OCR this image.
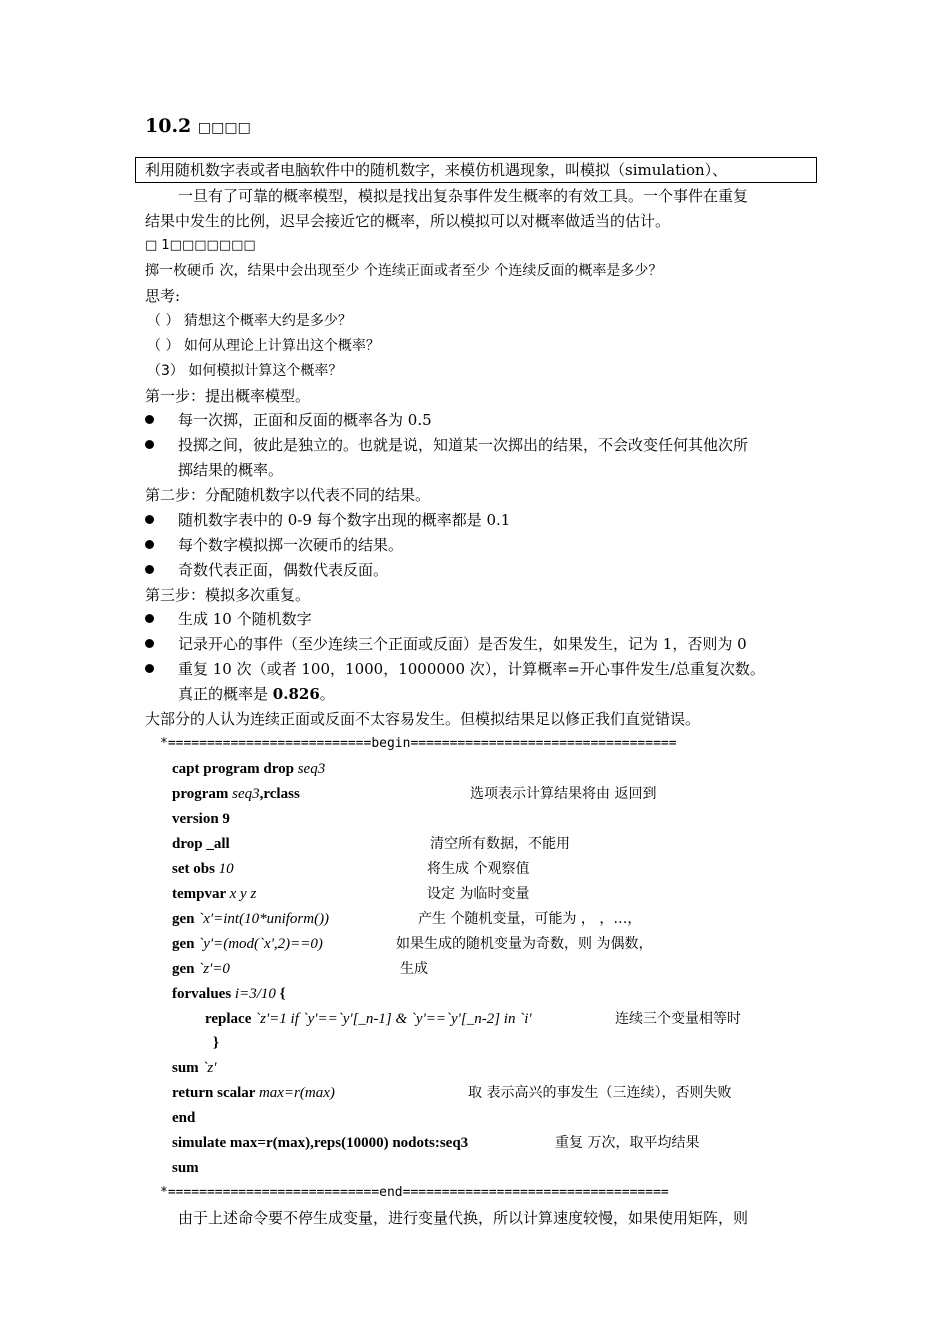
10.2 □□□□
利用随机数字表或者电脑软件中的随机数字，来模仿机遇现象，叫模拟（simulation）、
一旦有了可靠的概率模型，模拟是找出复杂事件发生概率的有效工具。一个事件在重复
结果中发生的比例，迟早会接近它的概率，所以模拟可以对概率做适当的估计。
□ 1□□□□□□□
掷一枚硬币 次，结果中会出现至少 个连续正面或者至少 个连续反面的概率是多少？
思考:
（ ） 猜想这个概率大约是多少？
（ ） 如何从理论上计算出这个概率？
（3） 如何模拟计算这个概率？
第一步：提出概率模型。
每一次掷，正面和反面的概率各为 0.5
投掷之间，彼此是独立的。也就是说，知道某一次掷出的结果，不会改变任何其他次所
掷结果的概率。
第二步：分配随机数字以代表不同的结果。
随机数字表中的 0-9 每个数字出现的概率都是 0.1
每个数字模拟掷一次硬币的结果。
奇数代表正面，偶数代表反面。
第三步：模拟多次重复。
生成 10 个随机数字
记录开心的事件（至少连续三个正面或反面）是否发生，如果发生，记为 1，否则为 0
重复 10 次（或者 100，1000，1000000 次），计算概率=开心事件发生/总重复次数。
真正的概率是 0.826。
大部分的人认为连续正面或反面不太容易发生。但模拟结果足以修正我们直觉错误。
*==========================begin==================================
capt program drop seq3
program seq3,rclass	选项表示计算结果将由 返回到
version 9
drop _all	清空所有数据，不能用
set obs 10	将生成 个观察值
tempvar x y z	设定 为临时变量
gen `x'=int(10*uniform())	产生 个随机变量，可能为 ， ，…，
gen `y'=(mod(`x',2)==0)	如果生成的随机变量为奇数，则 为偶数，
gen `z'=0	生成
forvalues i=3/10 {
replace `z'=1 if `y'==`y'[_n-1] & `y'==`y'[_n-2] in `i'	连续三个变量相等时
}
sum `z'
return scalar max=r(max)	取 表示高兴的事发生（三连续），否则失败
end
simulate max=r(max),reps(10000) nodots:seq3	重复 万次，取平均结果
sum
*===========================end==================================
由于上述命令要不停生成变量，进行变量代换，所以计算速度较慢，如果使用矩阵，则
